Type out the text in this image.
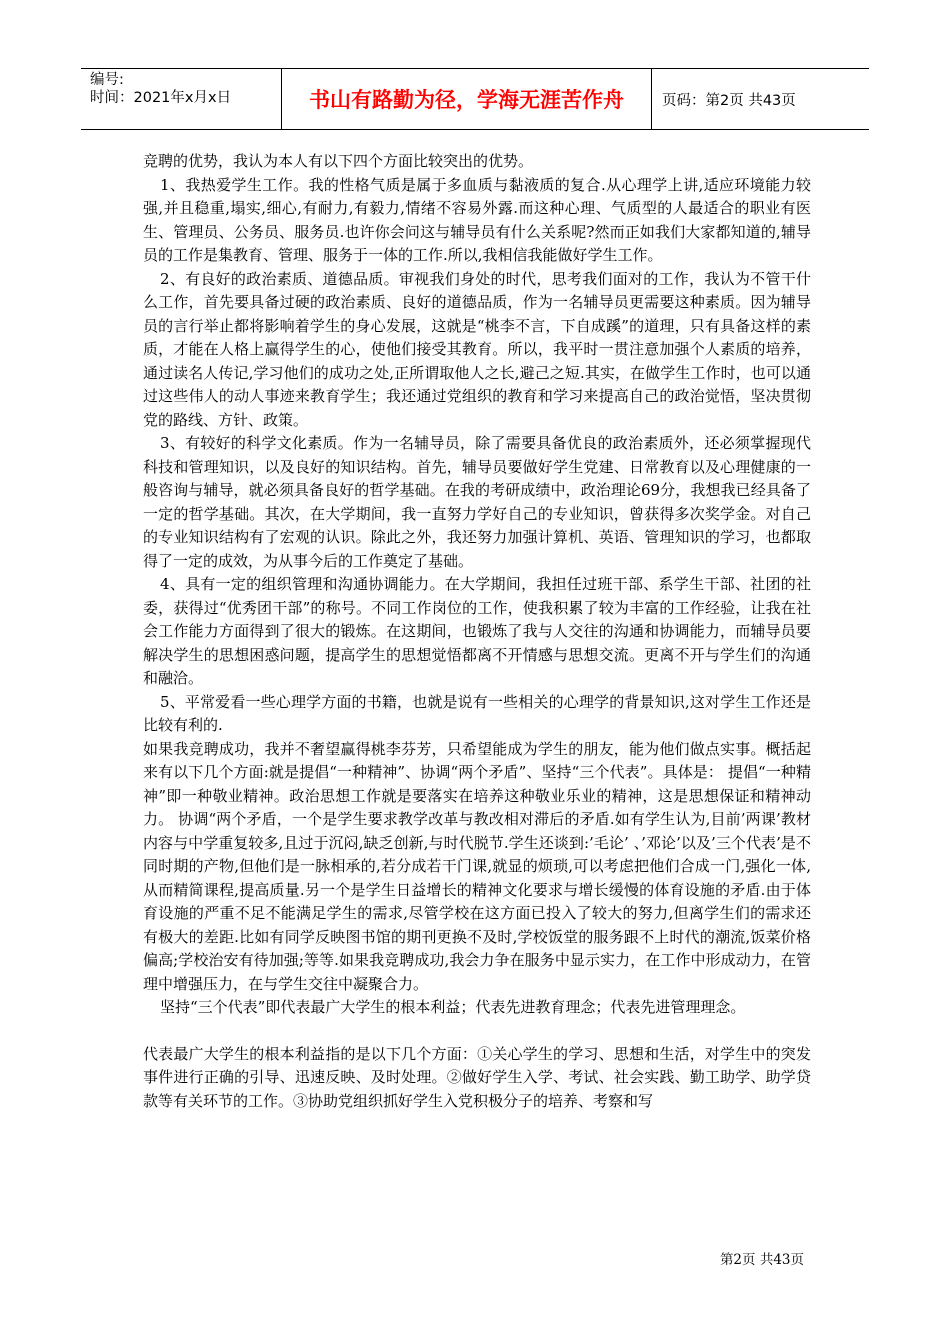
编号:
时间：2021年x月x日	书山有路勤为径，学海无涯苦作舟	页码：第2页 共43页

竞聘的优势，我认为本人有以下四个方面比较突出的优势。

1、我热爱学生工作。我的性格气质是属于多血质与黏液质的复合.从心理学上讲,适应环境能力较强,并且稳重,塌实,细心,有耐力,有毅力,情绪不容易外露.而这种心理、气质型的人最适合的职业有医生、管理员、公务员、服务员.也许你会问这与辅导员有什么关系呢?然而正如我们大家都知道的,辅导员的工作是集教育、管理、服务于一体的工作.所以,我相信我能做好学生工作。

2、有良好的政治素质、道德品质。审视我们身处的时代，思考我们面对的工作，我认为不管干什么工作，首先要具备过硬的政治素质、良好的道德品质，作为一名辅导员更需要这种素质。因为辅导员的言行举止都将影响着学生的身心发展，这就是“桃李不言，下自成蹊”的道理，只有具备这样的素质，才能在人格上赢得学生的心，使他们接受其教育。所以，我平时一贯注意加强个人素质的培养，通过读名人传记,学习他们的成功之处,正所谓取他人之长,避己之短.其实，在做学生工作时，也可以通过这些伟人的动人事迹来教育学生；我还通过党组织的教育和学习来提高自己的政治觉悟，坚决贯彻党的路线、方针、政策。

3、有较好的科学文化素质。作为一名辅导员，除了需要具备优良的政治素质外，还必须掌握现代科技和管理知识，以及良好的知识结构。首先，辅导员要做好学生党建、日常教育以及心理健康的一般咨询与辅导，就必须具备良好的哲学基础。在我的考研成绩中，政治理论69分，我想我已经具备了一定的哲学基础。其次，在大学期间，我一直努力学好自己的专业知识，曾获得多次奖学金。对自己的专业知识结构有了宏观的认识。除此之外，我还努力加强计算机、英语、管理知识的学习，也都取得了一定的成效，为从事今后的工作奠定了基础。

4、具有一定的组织管理和沟通协调能力。在大学期间，我担任过班干部、系学生干部、社团的社委，获得过“优秀团干部”的称号。不同工作岗位的工作，使我积累了较为丰富的工作经验，让我在社会工作能力方面得到了很大的锻炼。在这期间，也锻炼了我与人交往的沟通和协调能力，而辅导员要解决学生的思想困惑问题，提高学生的思想觉悟都离不开情感与思想交流。更离不开与学生们的沟通和融洽。

5、平常爱看一些心理学方面的书籍，也就是说有一些相关的心理学的背景知识,这对学生工作还是比较有利的.

如果我竞聘成功，我并不奢望赢得桃李芬芳，只希望能成为学生的朋友，能为他们做点实事。概括起来有以下几个方面:就是提倡“一种精神”、协调“两个矛盾”、坚持“三个代表”。具体是： 提倡“一种精神”即一种敬业精神。政治思想工作就是要落实在培养这种敬业乐业的精神，这是思想保证和精神动力。 协调“两个矛盾，一个是学生要求教学改革与教改相对滞后的矛盾.如有学生认为,目前’两课’教材内容与中学重复较多,且过于沉闷,缺乏创新,与时代脱节.学生还谈到:’毛论’ 、’邓论’以及’三个代表’是不同时期的产物,但他们是一脉相承的,若分成若干门课,就显的烦琐,可以考虑把他们合成一门,强化一体,从而精简课程,提高质量.另一个是学生日益增长的精神文化要求与增长缓慢的体育设施的矛盾.由于体育设施的严重不足不能满足学生的需求,尽管学校在这方面已投入了较大的努力,但离学生们的需求还有极大的差距.比如有同学反映图书馆的期刊更换不及时,学校饭堂的服务跟不上时代的潮流,饭菜价格偏高;学校治安有待加强;等等.如果我竞聘成功,我会力争在服务中显示实力，在工作中形成动力，在管理中增强压力，在与学生交往中凝聚合力。

坚持“三个代表”即代表最广大学生的根本利益；代表先进教育理念；代表先进管理理念。

代表最广大学生的根本利益指的是以下几个方面：①关心学生的学习、思想和生活，对学生中的突发事件进行正确的引导、迅速反映、及时处理。②做好学生入学、考试、社会实践、勤工助学、助学贷款等有关环节的工作。③协助党组织抓好学生入党积极分子的培养、考察和写

第2页 共43页
